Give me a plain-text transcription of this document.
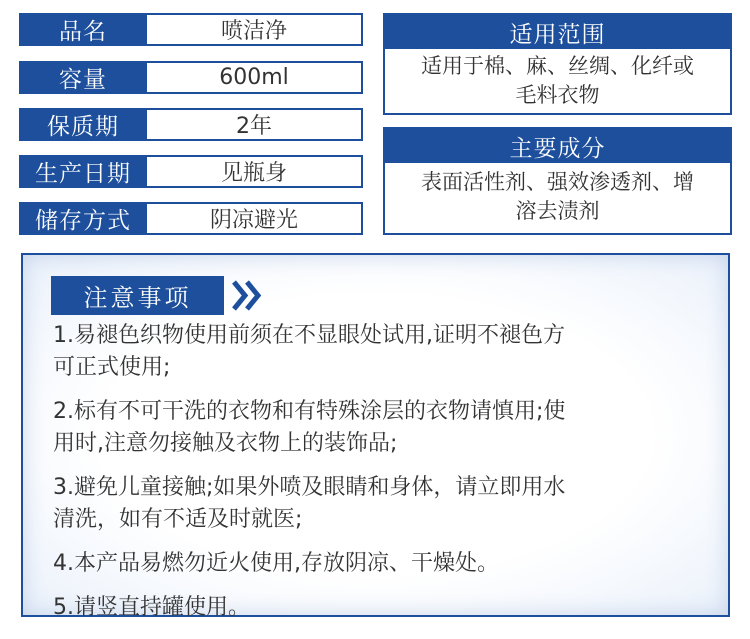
品名	喷洁净
容量	600ml
保质期	2年
生产日期	见瓶身
储存方式	阴凉避光
适用范围
适用于棉、麻、丝绸、化纤或
毛料衣物
主要成分
表面活性剂、强效渗透剂、增
溶去渍剂
注意事项
1.易褪色织物使用前须在不显眼处试用,证明不褪色方
可正式使用;
2.标有不可干洗的衣物和有特殊涂层的衣物请慎用;使
用时,注意勿接触及衣物上的装饰品;
3.避免儿童接触;如果外喷及眼睛和身体，请立即用水
清洗，如有不适及时就医;
4.本产品易燃勿近火使用,存放阴凉、干燥处。
5.请竖直持罐使用。
